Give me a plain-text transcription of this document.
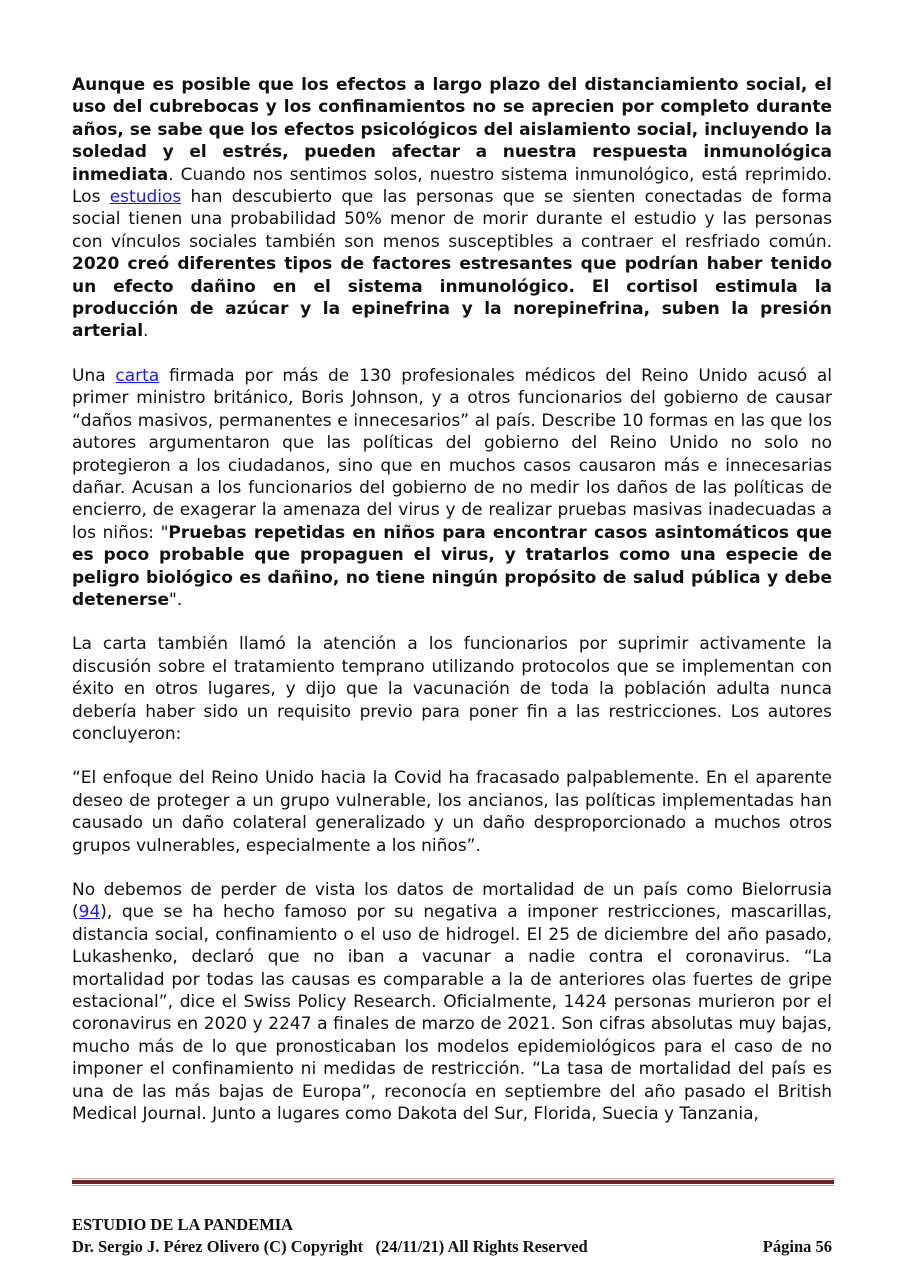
Aunque es posible que los efectos a largo plazo del distanciamiento social, el uso del cubrebocas y los confinamientos no se aprecien por completo durante años, se sabe que los efectos psicológicos del aislamiento social, incluyendo la soledad y el estrés, pueden afectar a nuestra respuesta inmunológica inmediata. Cuando nos sentimos solos, nuestro sistema inmunológico, está reprimido. Los estudios han descubierto que las personas que se sienten conectadas de forma social tienen una probabilidad 50% menor de morir durante el estudio y las personas con vínculos sociales también son menos susceptibles a contraer el resfriado común. 2020 creó diferentes tipos de factores estresantes que podrían haber tenido un efecto dañino en el sistema inmunológico. El cortisol estimula la producción de azúcar y la epinefrina y la norepinefrina, suben la presión arterial.

Una carta firmada por más de 130 profesionales médicos del Reino Unido acusó al primer ministro británico, Boris Johnson, y a otros funcionarios del gobierno de causar “daños masivos, permanentes e innecesarios” al país. Describe 10 formas en las que los autores argumentaron que las políticas del gobierno del Reino Unido no solo no protegieron a los ciudadanos, sino que en muchos casos causaron más e innecesarias dañar. Acusan a los funcionarios del gobierno de no medir los daños de las políticas de encierro, de exagerar la amenaza del virus y de realizar pruebas masivas inadecuadas a los niños: "Pruebas repetidas en niños para encontrar casos asintomáticos que es poco probable que propaguen el virus, y tratarlos como una especie de peligro biológico es dañino, no tiene ningún propósito de salud pública y debe detenerse".

La carta también llamó la atención a los funcionarios por suprimir activamente la discusión sobre el tratamiento temprano utilizando protocolos que se implementan con éxito en otros lugares, y dijo que la vacunación de toda la población adulta nunca debería haber sido un requisito previo para poner fin a las restricciones. Los autores concluyeron:

“El enfoque del Reino Unido hacia la Covid ha fracasado palpablemente. En el aparente deseo de proteger a un grupo vulnerable, los ancianos, las políticas implementadas han causado un daño colateral generalizado y un daño desproporcionado a muchos otros grupos vulnerables, especialmente a los niños”.

No debemos de perder de vista los datos de mortalidad de un país como Bielorrusia (94), que se ha hecho famoso por su negativa a imponer restricciones, mascarillas, distancia social, confinamiento o el uso de hidrogel. El 25 de diciembre del año pasado, Lukashenko, declaró que no iban a vacunar a nadie contra el coronavirus. “La mortalidad por todas las causas es comparable a la de anteriores olas fuertes de gripe estacional”, dice el Swiss Policy Research. Oficialmente, 1424 personas murieron por el coronavirus en 2020 y 2247 a finales de marzo de 2021. Son cifras absolutas muy bajas, mucho más de lo que pronosticaban los modelos epidemiológicos para el caso de no imponer el confinamiento ni medidas de restricción. “La tasa de mortalidad del país es una de las más bajas de Europa”, reconocía en septiembre del año pasado el British Medical Journal. Junto a lugares como Dakota del Sur, Florida, Suecia y Tanzania,

ESTUDIO DE LA PANDEMIA
Dr. Sergio J. Pérez Olivero (C) Copyright   (24/11/21) All Rights Reserved	Página 56
